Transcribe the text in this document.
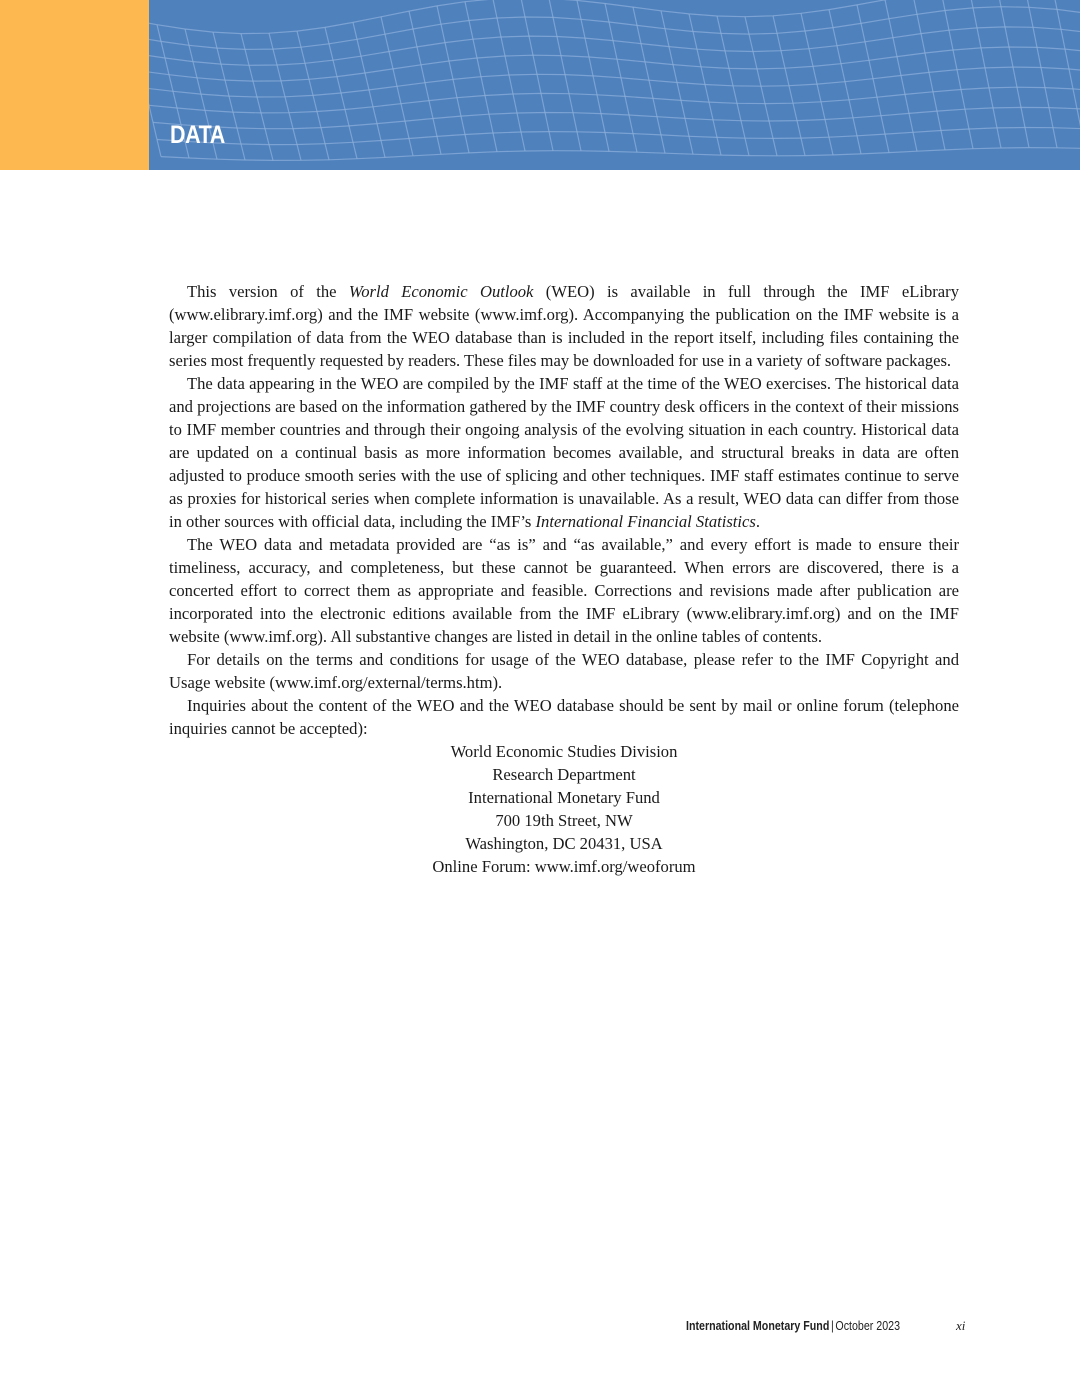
DATA

This version of the World Economic Outlook (WEO) is available in full through the IMF eLibrary (www.elibrary.imf.org) and the IMF website (www.imf.org). Accompanying the publication on the IMF website is a larger compilation of data from the WEO database than is included in the report itself, including files containing the series most frequently requested by readers. These files may be downloaded for use in a variety of software packages.

The data appearing in the WEO are compiled by the IMF staff at the time of the WEO exercises. The historical data and projections are based on the information gathered by the IMF country desk officers in the context of their missions to IMF member countries and through their ongoing analysis of the evolving situation in each country. Historical data are updated on a continual basis as more information becomes available, and structural breaks in data are often adjusted to produce smooth series with the use of splicing and other techniques. IMF staff estimates continue to serve as proxies for historical series when complete information is unavailable. As a result, WEO data can differ from those in other sources with official data, including the IMF’s International Financial Statistics.

The WEO data and metadata provided are “as is” and “as available,” and every effort is made to ensure their timeliness, accuracy, and completeness, but these cannot be guaranteed. When errors are discovered, there is a concerted effort to correct them as appropriate and feasible. Corrections and revisions made after publication are incorporated into the electronic editions available from the IMF eLibrary (www.elibrary.imf.org) and on the IMF website (www.imf.org). All substantive changes are listed in detail in the online tables of contents.

For details on the terms and conditions for usage of the WEO database, please refer to the IMF Copyright and Usage website (www.imf.org/external/terms.htm).

Inquiries about the content of the WEO and the WEO database should be sent by mail or online forum (telephone inquiries cannot be accepted):

World Economic Studies Division
Research Department
International Monetary Fund
700 19th Street, NW
Washington, DC 20431, USA
Online Forum: www.imf.org/weoforum
International Monetary Fund | October 2023	xi
